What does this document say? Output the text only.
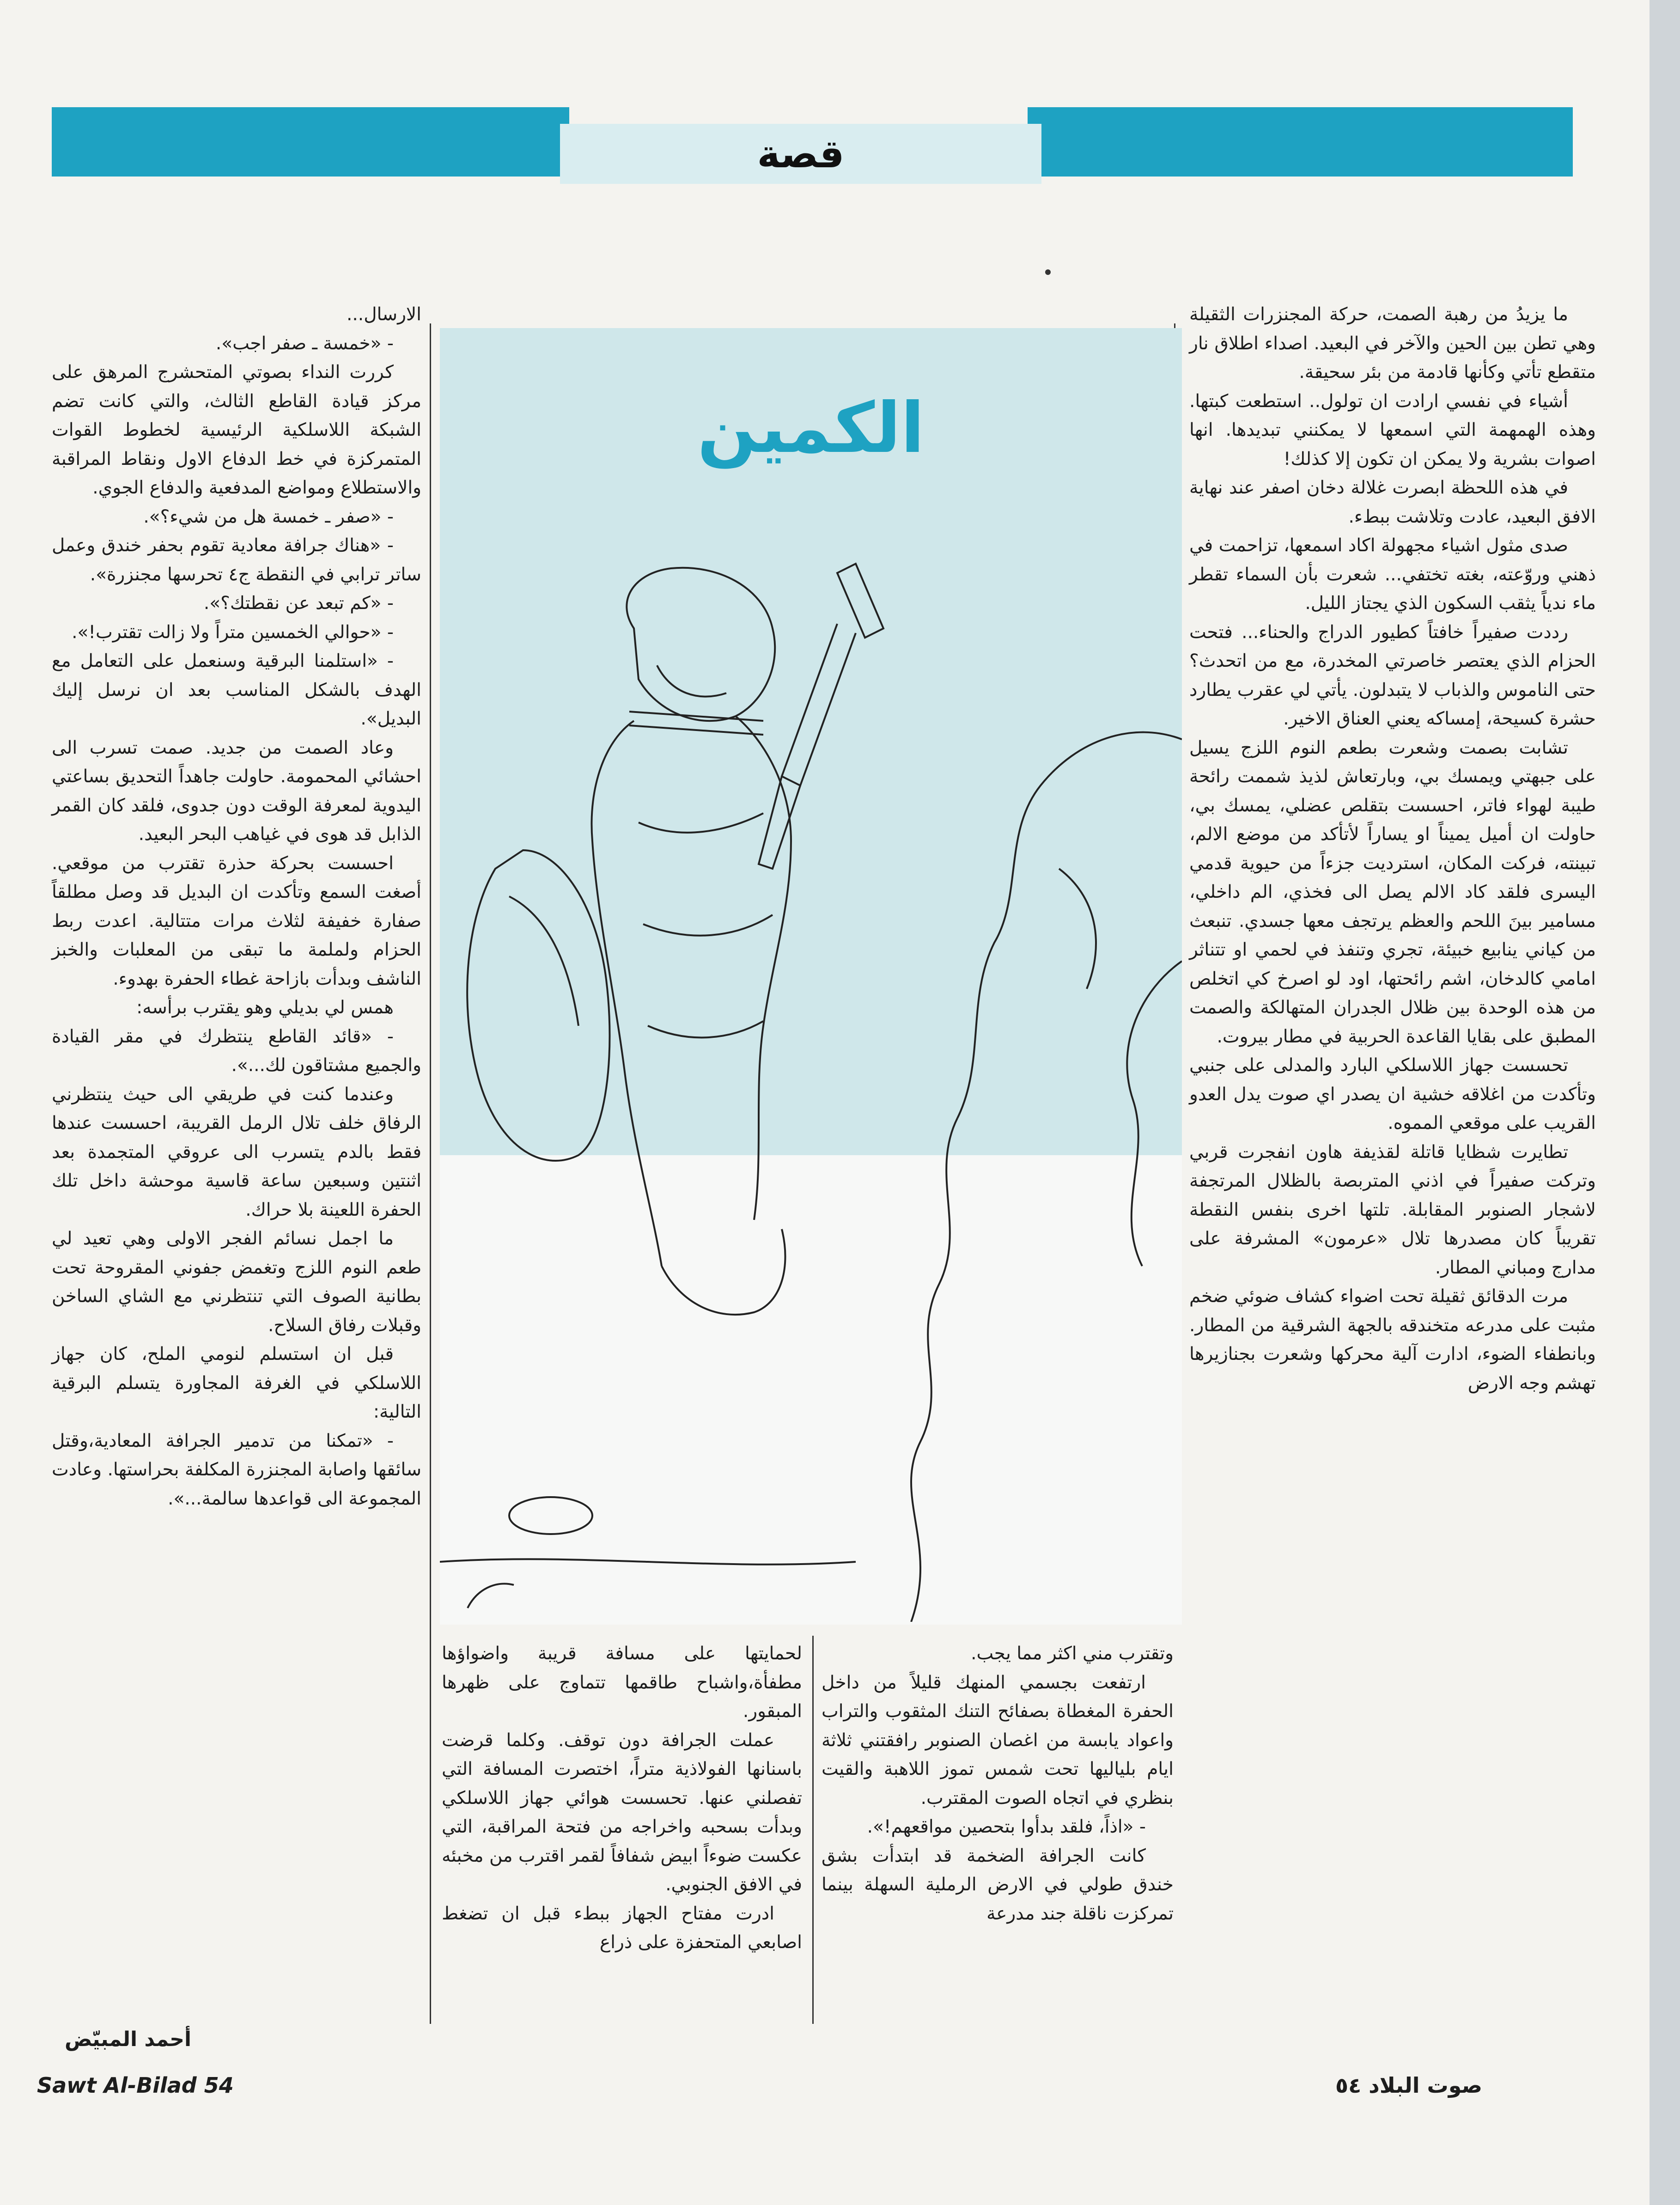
قصة

ما يزيدُ من رهبة الصمت، حركة المجنزرات الثقيلة وهي تطن بين الحين والآخر في البعيد. اصداء اطلاق نار متقطع تأتي وكأنها قادمة من بئر سحيقة.

أشياء في نفسي ارادت ان تولول.. استطعت كبتها. وهذه الهمهمة التي اسمعها لا يمكنني تبديدها. انها اصوات بشرية ولا يمكن ان تكون إلا كذلك!

في هذه اللحظة ابصرت غلالة دخان اصفر عند نهاية الافق البعيد، عادت وتلاشت ببطء.

صدى مثول اشياء مجهولة اكاد اسمعها، تزاحمت في ذهني وروّعته، بغته تختفي... شعرت بأن السماء تقطر ماء ندياً يثقب السكون الذي يجتاز الليل.

رددت صفيراً خافتاً كطيور الدراج والحناء... فتحت الحزام الذي يعتصر خاصرتي المخدرة، مع من اتحدث؟ حتى الناموس والذباب لا يتبدلون. يأتي لي عقرب يطارد حشرة كسيحة، إمساكه يعني العناق الاخير.

تشابت بصمت وشعرت بطعم النوم اللزج يسيل على جبهتي ويمسك بي، وبارتعاش لذيذ شممت رائحة طيبة لهواء فاتر، احسست بتقلص عضلي، يمسك بي، حاولت ان أميل يميناً او يساراً لأتأكد من موضع الالم، تبينته، فركت المكان، استرديت جزءاً من حيوية قدمي اليسرى فلقد كاد الالم يصل الى فخذي، الم داخلي، مسامير بينَ اللحم والعظم يرتجف معها جسدي. تنبعث من كياني ينابيع خبيئة، تجري وتنفذ في لحمي او تتناثر امامي كالدخان، اشم رائحتها، اود لو اصرخ كي اتخلص من هذه الوحدة بين ظلال الجدران المتهالكة والصمت المطبق على بقايا القاعدة الحربية في مطار بيروت.

تحسست جهاز اللاسلكي البارد والمدلى على جنبي وتأكدت من اغلاقه خشية ان يصدر اي صوت يدل العدو القريب على موقعي المموه.

تطايرت شظايا قاتلة لقذيفة هاون انفجرت قربي وتركت صفيراً في اذني المتربصة بالظلال المرتجفة لاشجار الصنوبر المقابلة. تلتها اخرى بنفس النقطة تقريباً كان مصدرها تلال «عرمون» المشرفة على مدارج ومباني المطار.

مرت الدقائق ثقيلة تحت اضواء كشاف ضوئي ضخم مثبت على مدرعه متخندقه بالجهة الشرقية من المطار. وبانطفاء الضوء، ادارت آلية محركها وشعرت بجنازيرها تهشم وجه الارض

الكمين

وتقترب مني اكثر مما يجب.

ارتفعت بجسمي المنهك قليلاً من داخل الحفرة المغطاة بصفائح التنك المثقوب والتراب واعواد يابسة من اغصان الصنوبر رافقتني ثلاثة ايام بلياليها تحت شمس تموز اللاهبة والقيت بنظري في اتجاه الصوت المقترب.

- «اذاً، فلقد بدأوا بتحصين مواقعهم!».

كانت الجرافة الضخمة قد ابتدأت بشق خندق طولي في الارض الرملية السهلة بينما تمركزت ناقلة جند مدرعة

لحمايتها على مسافة قريبة واضواؤها مطفأة،واشباح طاقمها تتماوج على ظهرها المبقور.

عملت الجرافة دون توقف. وكلما قرضت باسنانها الفولاذية متراً، اختصرت المسافة التي تفصلني عنها. تحسست هوائي جهاز اللاسلكي وبدأت بسحبه واخراجه من فتحة المراقبة، التي عكست ضوءاً ابيض شفافاً لقمر اقترب من مخبئه في الافق الجنوبي.

ادرت مفتاح الجهاز ببطء قبل ان تضغط اصابعي المتحفزة على ذراع

الارسال...

- «خمسة ـ صفر اجب».

كررت النداء بصوتي المتحشرج المرهق على مركز قيادة القاطع الثالث، والتي كانت تضم الشبكة اللاسلكية الرئيسية لخطوط القوات المتمركزة في خط الدفاع الاول ونقاط المراقبة والاستطلاع ومواضع المدفعية والدفاع الجوي.

- «صفر ـ خمسة هل من شيء؟».

- «هناك جرافة معادية تقوم بحفر خندق وعمل ساتر ترابي في النقطة ج٤ تحرسها مجنزرة».

- «كم تبعد عن نقطتك؟».

- «حوالي الخمسين متراً ولا زالت تقترب!».

- «استلمنا البرقية وسنعمل على التعامل مع الهدف بالشكل المناسب بعد ان نرسل إليك البديل».

وعاد الصمت من جديد. صمت تسرب الى احشائي المحمومة. حاولت جاهداً التحديق بساعتي اليدوية لمعرفة الوقت دون جدوى، فلقد كان القمر الذابل قد هوى في غياهب البحر البعيد.

احسست بحركة حذرة تقترب من موقعي. أصغت السمع وتأكدت ان البديل قد وصل مطلقاً صفارة خفيفة لثلاث مرات متتالية. اعدت ربط الحزام ولملمة ما تبقى من المعلبات والخبز الناشف وبدأت بازاحة غطاء الحفرة بهدوء.

همس لي بديلي وهو يقترب برأسه:

- «قائد القاطع ينتظرك في مقر القيادة والجميع مشتاقون لك...».

وعندما كنت في طريقي الى حيث ينتظرني الرفاق خلف تلال الرمل القريبة، احسست عندها فقط بالدم يتسرب الى عروقي المتجمدة بعد اثنتين وسبعين ساعة قاسية موحشة داخل تلك الحفرة اللعينة بلا حراك.

ما اجمل نسائم الفجر الاولى وهي تعيد لي طعم النوم اللزج وتغمض جفوني المقروحة تحت بطانية الصوف التي تنتظرني مع الشاي الساخن وقبلات رفاق السلاح.

قبل ان استسلم لنومي الملح، كان جهاز اللاسلكي في الغرفة المجاورة يتسلم البرقية التالية:

- «تمكنا من تدمير الجرافة المعادية،وقتل سائقها واصابة المجنزرة المكلفة بحراستها. وعادت المجموعة الى قواعدها سالمة...».

أحمد المبيّض
Sawt Al-Bilad 54	صوت البلاد ٥٤
